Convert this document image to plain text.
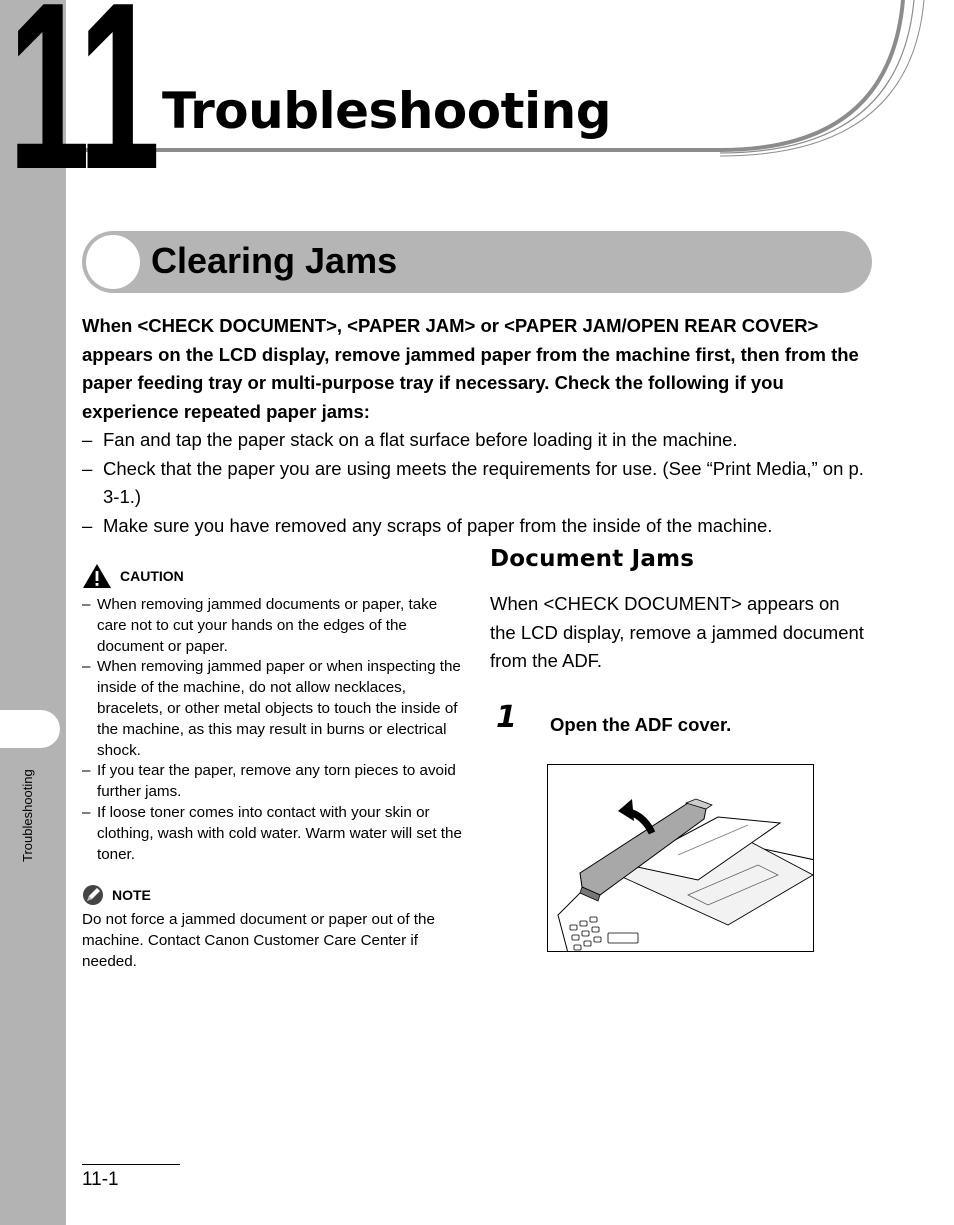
Troubleshooting
11 Troubleshooting
Clearing Jams

When <CHECK DOCUMENT>, <PAPER JAM> or <PAPER JAM/OPEN REAR COVER> appears on the LCD display, remove jammed paper from the machine first, then from the paper feeding tray or multi-purpose tray if necessary. Check the following if you experience repeated paper jams:

– Fan and tap the paper stack on a flat surface before loading it in the machine.
– Check that the paper you are using meets the requirements for use. (See “Print Media,” on p. 3-1.)
– Make sure you have removed any scraps of paper from the inside of the machine.
CAUTION
– When removing jammed documents or paper, take care not to cut your hands on the edges of the document or paper.
– When removing jammed paper or when inspecting the inside of the machine, do not allow necklaces, bracelets, or other metal objects to touch the inside of the machine, as this may result in burns or electrical shock.
– If you tear the paper, remove any torn pieces to avoid further jams.
– If loose toner comes into contact with your skin or clothing, wash with cold water. Warm water will set the toner.
NOTE

Do not force a jammed document or paper out of the machine. Contact Canon Customer Care Center if needed.

Document Jams

When <CHECK DOCUMENT> appears on the LCD display, remove a jammed document from the ADF.

1 Open the ADF cover.

11-1
